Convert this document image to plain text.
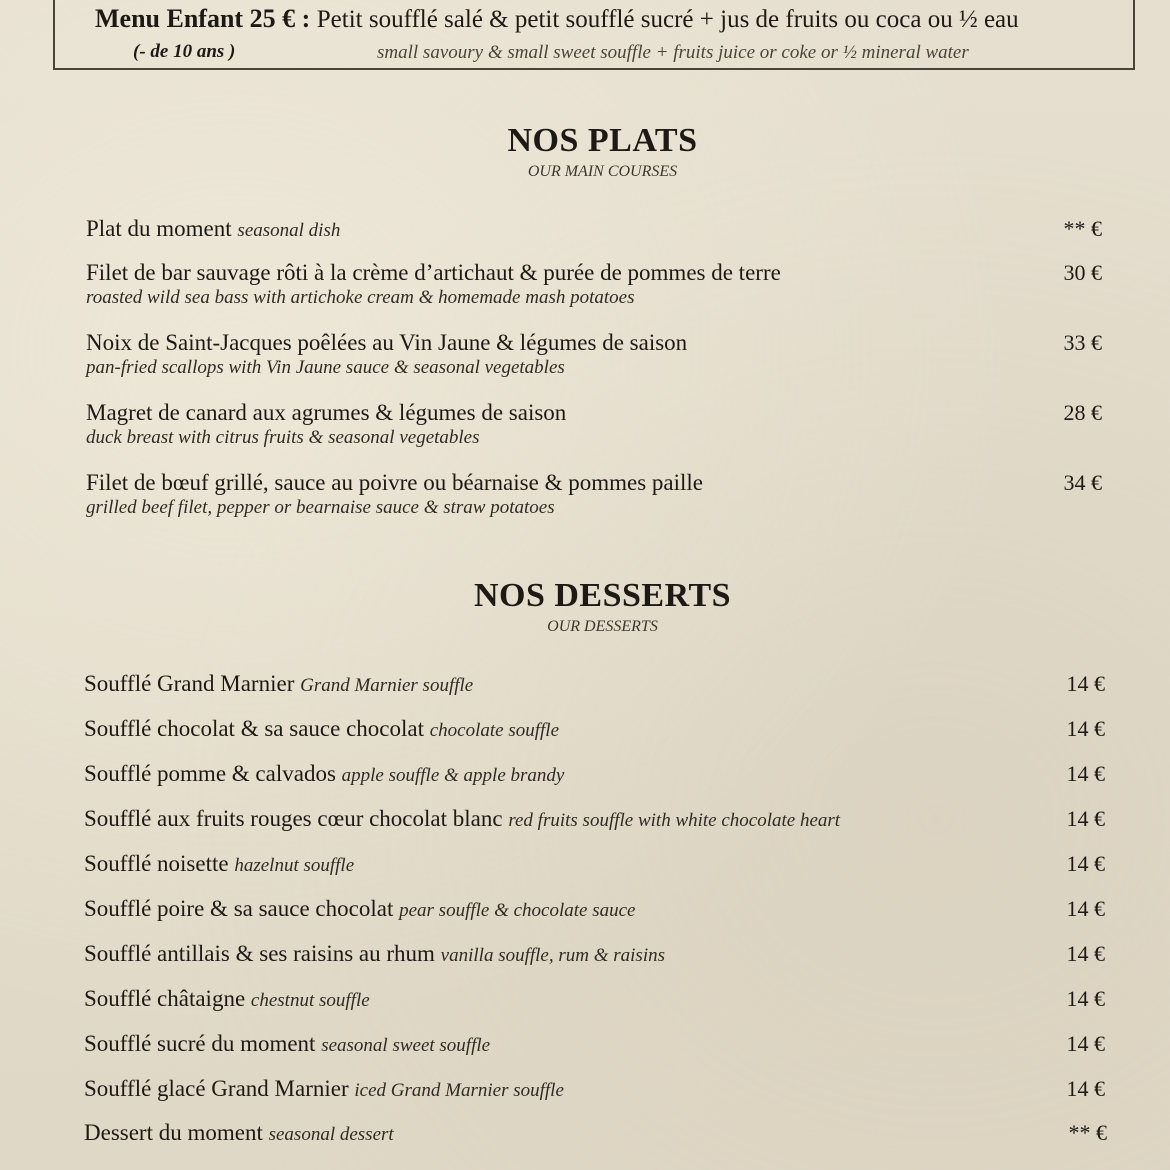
Menu Enfant 25 € : Petit soufflé salé & petit soufflé sucré + jus de fruits ou coca ou ½ eau
(- de 10 ans )	small savoury & small sweet souffle + fruits juice or coke or ½ mineral water
NOS PLATS
OUR MAIN COURSES
Plat du moment seasonal dish	** €
Filet de bar sauvage rôti à la crème d’artichaut & purée de pommes de terre
roasted wild sea bass with artichoke cream & homemade mash potatoes
30 €
Noix de Saint-Jacques poêlées au Vin Jaune & légumes de saison
pan-fried scallops with Vin Jaune sauce & seasonal vegetables
33 €
Magret de canard aux agrumes & légumes de saison
duck breast with citrus fruits & seasonal vegetables
28 €
Filet de bœuf grillé, sauce au poivre ou béarnaise & pommes paille
grilled beef filet, pepper or bearnaise sauce & straw potatoes
34 €
NOS DESSERTS
OUR DESSERTS
Soufflé Grand Marnier Grand Marnier souffle	14 €
Soufflé chocolat & sa sauce chocolat chocolate souffle	14 €
Soufflé pomme & calvados apple souffle & apple brandy	14 €
Soufflé aux fruits rouges cœur chocolat blanc red fruits souffle with white chocolate heart	14 €
Soufflé noisette hazelnut souffle	14 €
Soufflé poire & sa sauce chocolat pear souffle & chocolate sauce	14 €
Soufflé antillais & ses raisins au rhum vanilla souffle, rum & raisins	14 €
Soufflé châtaigne chestnut souffle	14 €
Soufflé sucré du moment seasonal sweet souffle	14 €
Soufflé glacé Grand Marnier iced Grand Marnier souffle	14 €
Dessert du moment seasonal dessert	** €
